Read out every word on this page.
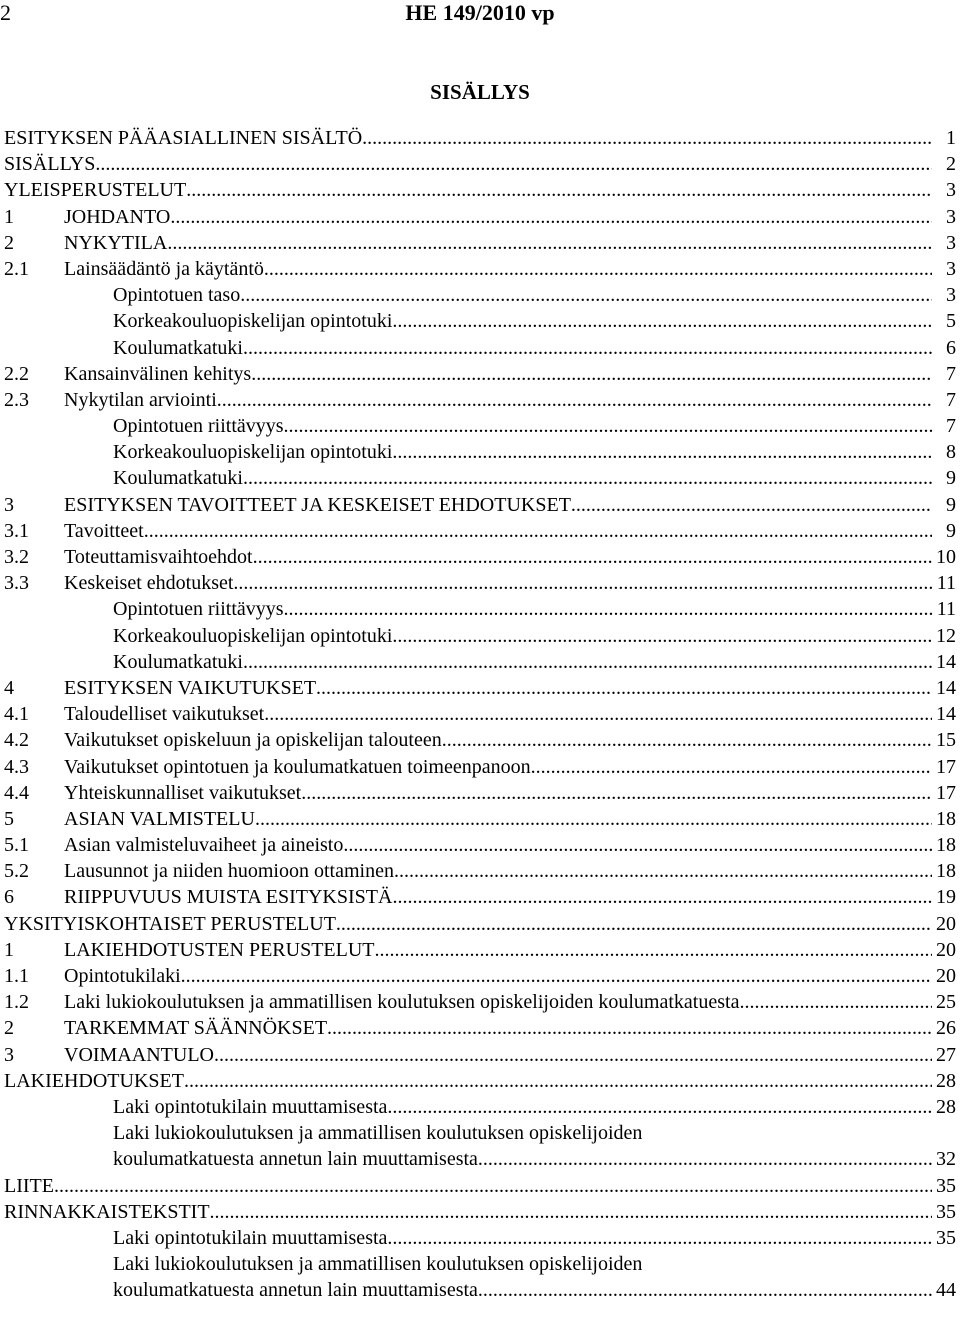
2	HE 149/2010 vp
SISÄLLYS
ESITYKSEN PÄÄASIALLINEN SISÄLTÖ . . .	1
SISÄLLYS . . .	2
YLEISPERUSTELUT . . .	3
1	JOHDANTO . . .	3
2	NYKYTILA . . .	3
2.1 Lainsäädäntö ja käytäntö . . .	3
Opintotuen taso . . .	3
Korkeakouluopiskelijan opintotuki . . .	5
Koulumatkatuki . . .	6
2.2 Kansainvälinen kehitys . . .	7
2.3 Nykytilan arviointi . . .	7
Opintotuen riittävyys . . .	7
Korkeakouluopiskelijan opintotuki . . .	8
Koulumatkatuki . . .	9
3	ESITYKSEN TAVOITTEET JA KESKEISET EHDOTUKSET . . .	9
3.1 Tavoitteet . . .	9
3.2 Toteuttamisvaihtoehdot . . .	10
3.3 Keskeiset ehdotukset . . .	11
Opintotuen riittävyys . . .	11
Korkeakouluopiskelijan opintotuki . . .	12
Koulumatkatuki . . .	14
4	ESITYKSEN VAIKUTUKSET . . .	14
4.1 Taloudelliset vaikutukset . . .	14
4.2 Vaikutukset opiskeluun ja opiskelijan talouteen . . .	15
4.3 Vaikutukset opintotuen ja koulumatkatuen toimeenpanoon . . .	17
4.4 Yhteiskunnalliset vaikutukset . . .	17
5	ASIAN VALMISTELU . . .	18
5.1 Asian valmisteluvaiheet ja aineisto . . .	18
5.2 Lausunnot ja niiden huomioon ottaminen . . .	18
6	RIIPPUVUUS MUISTA ESITYKSISTÄ . . .	19
YKSITYISKOHTAISET PERUSTELUT . . .	20
1	LAKIEHDOTUSTEN PERUSTELUT . . .	20
1.1 Opintotukilaki . . .	20
1.2 Laki lukiokoulutuksen ja ammatillisen koulutuksen opiskelijoiden koulumatkatuesta . . .	25
2	TARKEMMAT SÄÄNNÖKSET . . .	26
3	VOIMAANTULO . . .	27
LAKIEHDOTUKSET . . .	28
Laki opintotukilain muuttamisesta . . .	28
Laki lukiokoulutuksen ja ammatillisen koulutuksen opiskelijoiden
koulumatkatuesta annetun lain muuttamisesta . . .	32
LIITE . . .	35
RINNAKKAISTEKSTIT . . .	35
Laki opintotukilain muuttamisesta . . .	35
Laki lukiokoulutuksen ja ammatillisen koulutuksen opiskelijoiden
koulumatkatuesta annetun lain muuttamisesta . . .	44
